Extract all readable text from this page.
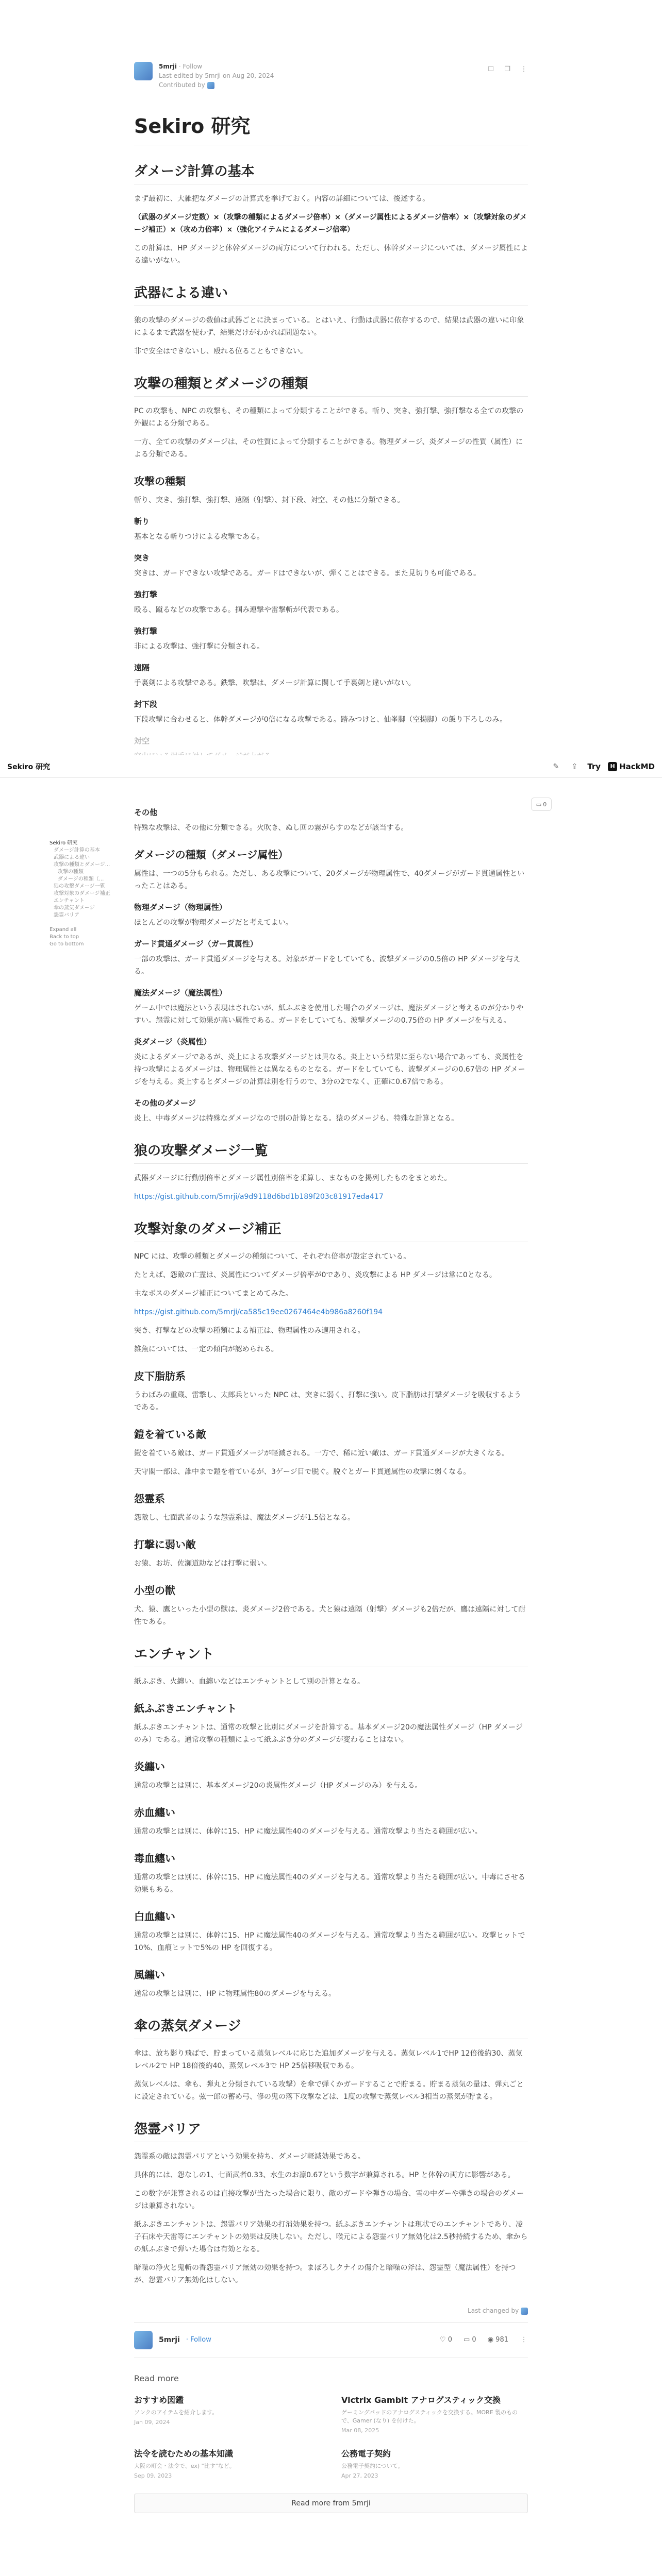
5mrji · Follow
Last edited by 5mrji on Aug 20, 2024
Contributed by
☐ ❐ ⋮
Sekiro 研究
ダメージ計算の基本

まず最初に、大雑把なダメージの計算式を挙げておく。内容の詳細については、後述する。

（武器のダメージ定数）×（攻撃の種類によるダメージ倍率）×（ダメージ属性によるダメージ倍率）×（攻撃対象のダメージ補正）×（攻め力倍率）×（強化アイテムによるダメージ倍率）

この計算は、HP ダメージと体幹ダメージの両方について行われる。ただし、体幹ダメージについては、ダメージ属性による違いがない。

武器による違い

狼の攻撃のダメージの数値は武器ごとに決まっている。とはいえ、行動は武器に依存するので、結果は武器の違いに印象によるまで武器を使わず、結果だけがわかれば問題ない。

非で安全はできないし、殴れる位ることもできない。

攻撃の種類とダメージの種類

PC の攻撃も、NPC の攻撃も、その種類によって分類することができる。斬り、突き、強打撃、強打撃なる全ての攻撃の外観による分類である。

一方、全ての攻撃のダメージは、その性質によって分類することができる。物理ダメージ、炎ダメージの性質（属性）による分類である。

攻撃の種類

斬り、突き、強打撃、強打撃、遠隔（射撃）、封下段、対空、その他に分類できる。

斬り

基本となる斬りつけによる攻撃である。

突き

突きは、ガードできない攻撃である。ガードはできないが、弾くことはできる。また見切りも可能である。

強打撃

殴る、蹴るなどの攻撃である。掴み連撃や雷撃斬が代表である。

強打撃

非による攻撃は、強打撃に分類される。

遠隔

手裏剣による攻撃である。鉄撃、吹撃は、ダメージ計算に関して手裏剣と違いがない。

封下段

下段攻撃に合わせると、体幹ダメージが0倍になる攻撃である。踏みつけと、仙峯脚（空揚脚）の飯り下ろしのみ。

対空

その他

特殊な攻撃は、その他に分類できる。火吹き、ぬし回の霧がらすのなどが該当する。

ダメージの種類（ダメージ属性）

属性は、一つの5分もられる。ただし、ある攻撃について、20ダメージが物理属性で、40ダメージがガード貫通属性といったことはある。

物理ダメージ（物理属性）

ほとんどの攻撃が物理ダメージだと考えてよい。

ガード貫通ダメージ（ガー貫属性）

一部の攻撃は、ガード貫通ダメージを与える。対象がガードをしていても、波撃ダメージの0.5倍の HP ダメージを与える。

魔法ダメージ（魔法属性）

ゲーム中では魔法という表現はされないが、紙ふぶきを使用した場合のダメージは、魔法ダメージと考えるのが分かりやすい。怨霊に対して効果が高い属性である。ガードをしていても、波撃ダメージの0.75倍の HP ダメージを与える。

炎ダメージ（炎属性）

炎によるダメージであるが、炎上による攻撃ダメージとは異なる。炎上という結果に至らない場合であっても、炎属性を持つ攻撃によるダメージは、物理属性とは異なるものとなる。ガードをしていても、波撃ダメージの0.67倍の HP ダメージを与える。炎上するとダメージの計算は別を行うので、3分の2でなく、正確に0.67倍である。

その他のダメージ

炎上、中毒ダメージは特殊なダメージなので別の計算となる。猿のダメージも、特殊な計算となる。

狼の攻撃ダメージ一覧

武器ダメージに行動別倍率とダメージ属性別倍率を乗算し、まなものを掲列したものをまとめた。

https://gist.github.com/5mrji/a9d9118d6bd1b189f203c81917eda417

攻撃対象のダメージ補正

NPC には、攻撃の種類とダメージの種類について、それぞれ倍率が設定されている。

たとえば、怨敵の亡霊は、炎属性についてダメージ倍率が0であり、炎攻撃による HP ダメージは常に0となる。

主なボスのダメージ補正についてまとめてみた。

https://gist.github.com/5mrji/ca585c19ee0267464e4b986a8260f194

突き、打撃などの攻撃の種類による補正は、物理属性のみ適用される。

雑魚については、一定の傾向が認められる。

皮下脂肪系

うわばみの重蔵、雷撃し、太郎兵といった NPC は、突きに弱く、打撃に強い。皮下脂肪は打撃ダメージを吸収するようである。

鎧を着ている敵

鎧を着ている敵は、ガード貫通ダメージが軽減される。一方で、稀に近い敵は、ガード貫通ダメージが大きくなる。

天守閣一部は、誰中まで鎧を着ているが、3ゲージ目で脱ぐ。脱ぐとガード貫通属性の攻撃に弱くなる。

怨霊系

怨敵し、七面武者のような怨霊系は、魔法ダメージが1.5倍となる。

打撃に弱い敵

お猿、お坊、佐瀬道助などは打撃に弱い。

小型の獣

犬、猿、鷹といった小型の獣は、炎ダメージ2倍である。犬と猿は遠隔（射撃）ダメージも2倍だが、鷹は遠隔に対して耐性である。

エンチャント

紙ふぶき、火纏い、血纏いなどはエンチャントとして別の計算となる。

紙ふぶきエンチャント

紙ふぶきエンチャントは、通常の攻撃と比別にダメージを計算する。基本ダメージ20の魔法属性ダメージ（HP ダメージのみ）である。通常攻撃の種類によって紙ふぶき分のダメージが変わることはない。

炎纏い

通常の攻撃とは別に、基本ダメージ20の炎属性ダメージ（HP ダメージのみ）を与える。

赤血纏い

通常の攻撃とは別に、体幹に15、HP に魔法属性40のダメージを与える。通常攻撃より当たる範囲が広い。

毒血纏い

通常の攻撃とは別に、体幹に15、HP に魔法属性40のダメージを与える。通常攻撃より当たる範囲が広い。中毒にさせる効果もある。

白血纏い

通常の攻撃とは別に、体幹に15、HP に魔法属性40のダメージを与える。通常攻撃より当たる範囲が広い。攻撃ヒットで10%、血痕ヒットで5%の HP を回復する。

風纏い

通常の攻撃とは別に、HP に物理属性80のダメージを与える。

傘の蒸気ダメージ

傘は、放ち影り飛ばで、貯まっている蒸気レベルに応じた追加ダメージを与える。蒸気レベル1でHP 12倍後約30、蒸気レベル2で HP 18倍後約40、蒸気レベル3で HP 25倍移吸収である。

蒸気レベルは、傘も、弾丸と分類されている攻撃）を傘で弾くかガードすることで貯まる。貯まる蒸気の量は、弾丸ごとに設定されている。弦一郎の蓄め弓、修の鬼の落下攻撃などは、1度の攻撃で蒸気レベル3相当の蒸気が貯まる。

怨霊バリア

怨霊系の敵は怨霊バリアという効果を持ち、ダメージ軽減効果である。

具体的には、怨なしの1、七面武者0.33、水生のお凛0.67という数字が兼算される。HP と体幹の両方に影響がある。

この数字が兼算されるのは直接攻撃が当たった場合に限り、敵のガードや弾きの場合、雪の中ダーや弾きの場合のダメージは兼算されない。

紙ふぶきエンチャントは、怨霊バリア効果の打消効果を持つ。紙ふぶきエンチャントは現状でのエンチャントであり、凌子石床や天雷等にエンチャントの効果は反映しない。ただし、喉元による怨霊バリア無効化は2.5秒持続するため、傘からの紙ふぶきで弾いた場合は有効となる。

暗噪の浄火と鬼斬の香怨霊バリア無効の効果を持つ。まぼろしクナイの傷介と暗噪の斧は、怨霊型（魔法属性）を持つが、怨霊バリア無効化はしない。

Last changed by
5mrji · Follow	♡ 0 ▭ 0 ◉ 981 ⋮
Read more
おすすめ図鑑
ソンクのアイテムを紹介します。
Jan 09, 2024
Victrix Gambit アナログスティック交換
ゲーミングパッドのアナログスティックを交換する。MORE 製のもので、Gamer (なり) を付けた。
Mar 08, 2025
法令を読むための基本知識
大阪の町会・法令で、ex) "比す"など。
Sep 09, 2023
公務電子契約
公務電子契約について。
Apr 27, 2023
Read more from 5mrji
Sekiro 研究	✎	⇪	Try	H HackMD
Sekiro 研究
ダメージ計算の基本
武器による違い
攻撃の種類とダメージ...
攻撃の種類
ダメージの種類（...
狼の攻撃ダメージ一覧
攻撃対象のダメージ補正
エンチャント
傘の蒸気ダメージ
怨霊バリア
Expand all
Back to top
Go to bottom
▭ 0
